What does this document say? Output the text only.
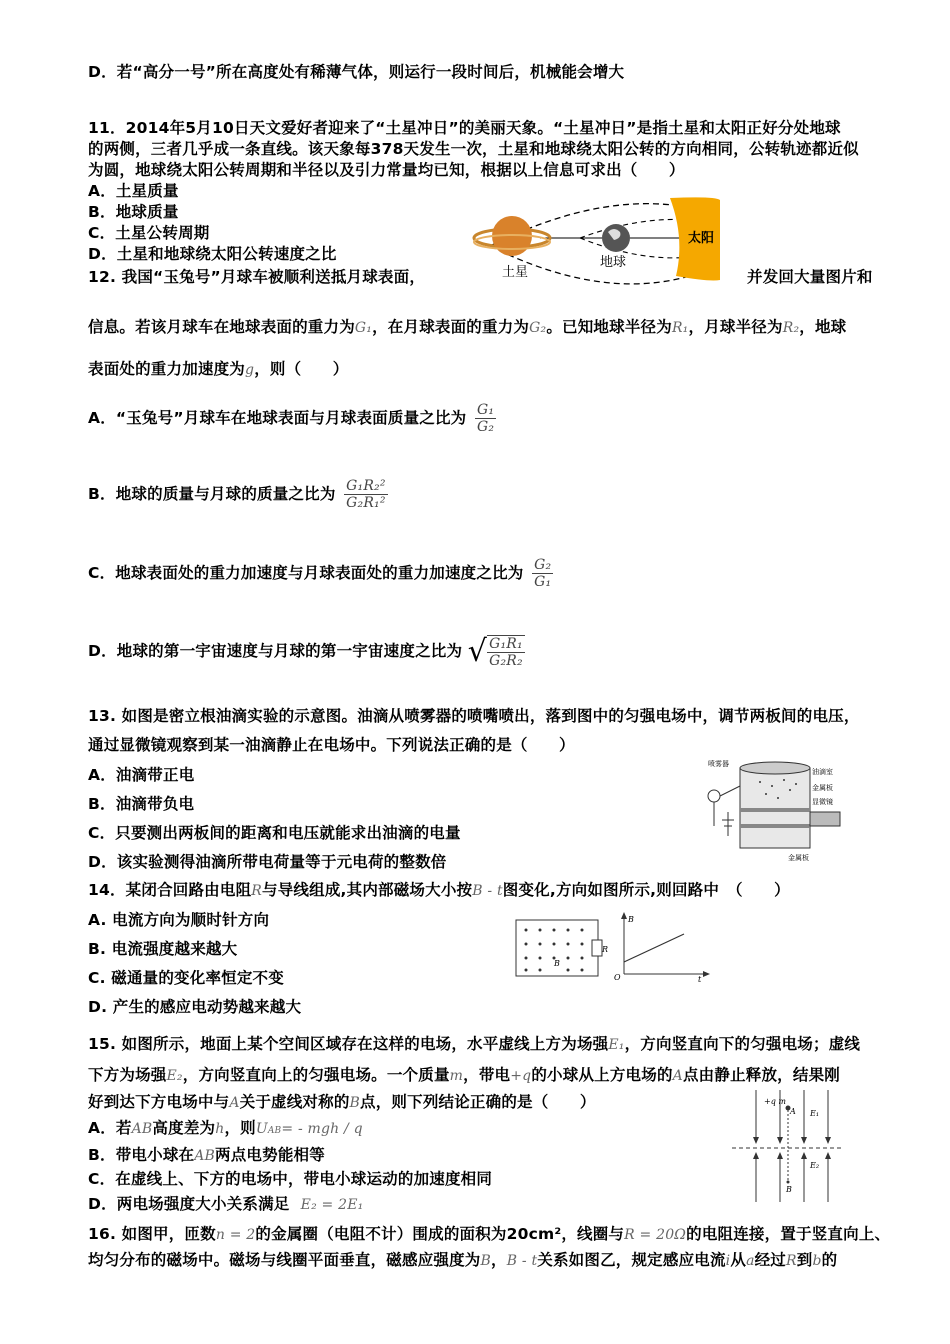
D．若“高分一号”所在高度处有稀薄气体，则运行一段时间后，机械能会增大
11．2014年5月10日天文爱好者迎来了“土星冲日”的美丽天象。“土星冲日”是指土星和太阳正好分处地球
的两侧，三者几乎成一条直线。该天象每378天发生一次，土星和地球绕太阳公转的方向相同，公转轨迹都近似
为圆，地球绕太阳公转周期和半径以及引力常量均已知，根据以上信息可求出（　　）
A．土星质量
B．地球质量
C．土星公转周期
D．土星和地球绕太阳公转速度之比
土星
地球
太阳
12. 我国“玉兔号”月球车被顺利送抵月球表面，	并发回大量图片和
信息。若该月球车在地球表面的重力为G₁，在月球表面的重力为G₂。已知地球半径为R₁，月球半径为R₂，地球
表面处的重力加速度为g，则（　　）
A．“玉兔号”月球车在地球表面与月球表面质量之比为 $\frac{\text{G₁}}{\text{G₂}}$
B．地球的质量与月球的质量之比为 $\frac{\text{G₁R₂²}}{\text{G₂R₁²}}$
C．地球表面处的重力加速度与月球表面处的重力加速度之比为 $\frac{\text{G₂}}{\text{G₁}}$
D．地球的第一宇宙速度与月球的第一宇宙速度之比为 √ $\frac{\text{G₁R₁}}{\text{G₂R₂}}$
13. 如图是密立根油滴实验的示意图。油滴从喷雾器的喷嘴喷出，落到图中的匀强电场中，调节两板间的电压，
通过显微镜观察到某一油滴静止在电场中。下列说法正确的是（　　）
A．油滴带正电
B．油滴带负电
C．只要测出两板间的距离和电压就能求出油滴的电量
D．该实验测得油滴所带电荷量等于元电荷的整数倍
喷雾器
油滴室
金属板
显微镜
金属板
14．某闭合回路由电阻R与导线组成,其内部磁场大小按B - t图变化,方向如图所示,则回路中　（　　）
A. 电流方向为顺时针方向
B. 电流强度越来越大
C. 磁通量的变化率恒定不变
D. 产生的感应电动势越来越大
R
B
B
t
O
15. 如图所示，地面上某个空间区域存在这样的电场，水平虚线上方为场强E₁，方向竖直向下的匀强电场；虚线
下方为场强E₂，方向竖直向上的匀强电场。一个质量m，带电+q的小球从上方电场的A点由静止释放，结果刚
好到达下方电场中与A关于虚线对称的B点，则下列结论正确的是（　　）
A．若AB高度差为h，则UAB= - mgh / q
B．带电小球在AB两点电势能相等
C．在虚线上、下方的电场中，带电小球运动的加速度相同
D．两电场强度大小关系满足 E₂ = 2E₁
+q m
A
B
E₁
E₂
16. 如图甲，匝数n = 2的金属圈（电阻不计）围成的面积为20cm²，线圈与R = 20Ω的电阻连接，置于竖直向上、
均匀分布的磁场中。磁场与线圈平面垂直，磁感应强度为B，B - t关系如图乙，规定感应电流i从a经过R到b的
